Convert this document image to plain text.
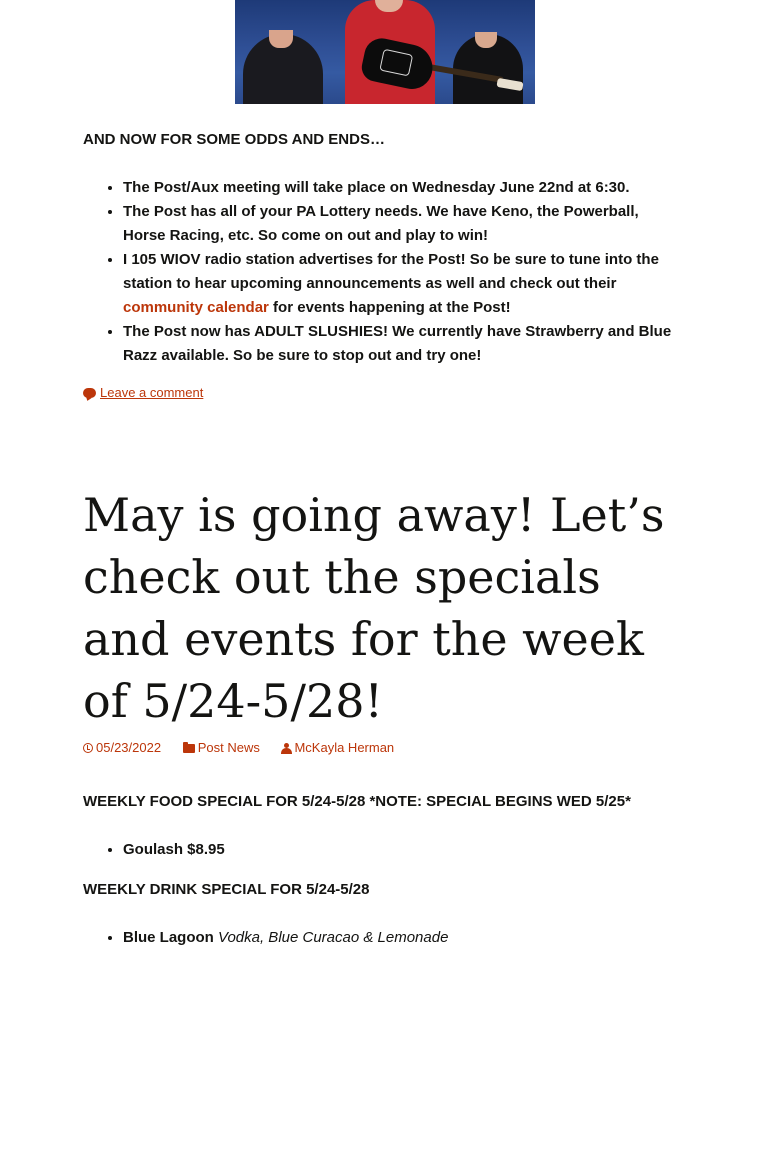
AND NOW FOR SOME ODDS AND ENDS…
• The Post/Aux meeting will take place on Wednesday June 22nd at 6:30.
• The Post has all of your PA Lottery needs. We have Keno, the Powerball, Horse Racing, etc. So come on out and play to win!
• I 105 WIOV radio station advertises for the Post! So be sure to tune into the station to hear upcoming announcements as well and check out their community calendar for events happening at the Post!
• The Post now has ADULT SLUSHIES! We currently have Strawberry and Blue Razz available. So be sure to stop out and try one!
Leave a comment
May is going away! Let’s check out the specials and events for the week of 5/24-5/28!
05/23/2022	Post News	McKayla Herman
WEEKLY FOOD SPECIAL FOR 5/24-5/28 *NOTE: SPECIAL BEGINS WED 5/25*
• Goulash $8.95
WEEKLY DRINK SPECIAL FOR 5/24-5/28
• Blue Lagoon Vodka, Blue Curacao & Lemonade
